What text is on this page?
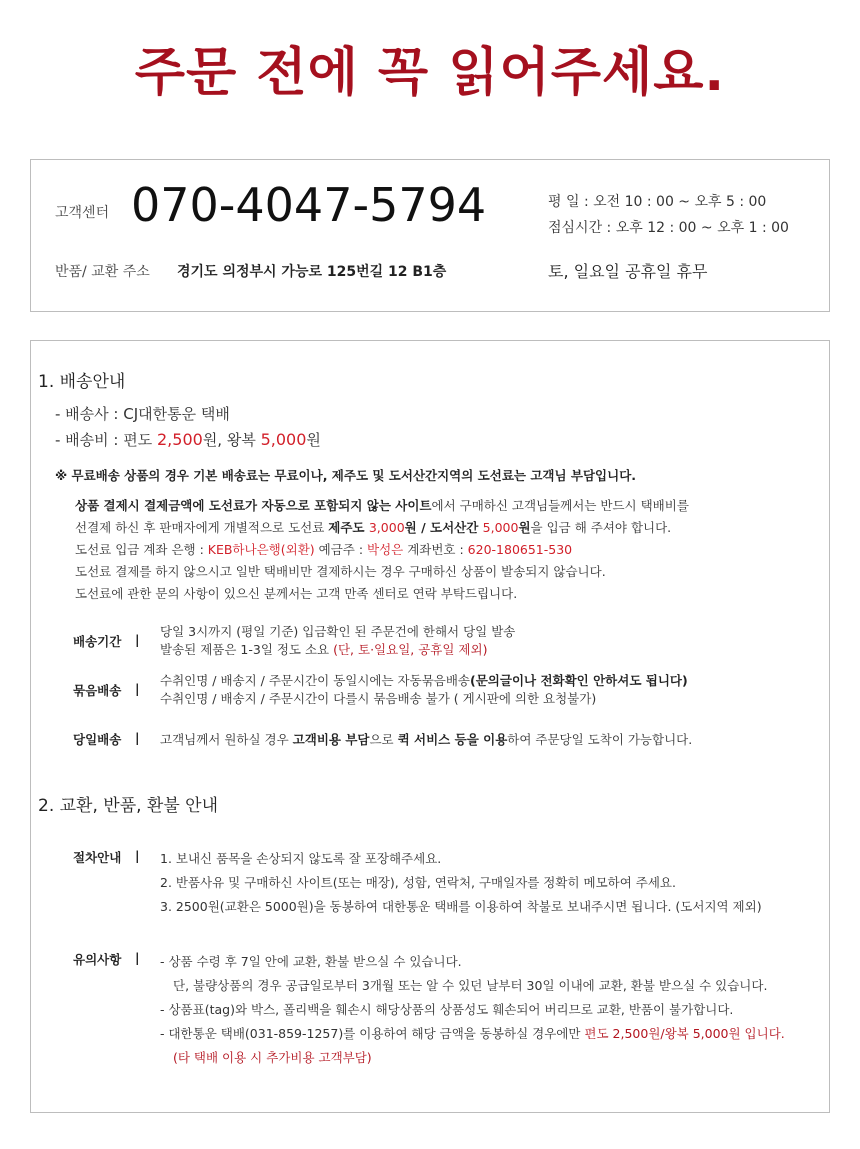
주문 전에 꼭 읽어주세요.
고객센터 070-4047-5794
반품/ 교환 주소 경기도 의정부시 가능로 125번길 12 B1층
평 일 : 오전 10 : 00 ~ 오후 5 : 00
점심시간 : 오후 12 : 00 ~ 오후 1 : 00
토, 일요일 공휴일 휴무
1. 배송안내
- 배송사 : CJ대한통운 택배
- 배송비 : 편도 2,500원, 왕복 5,000원
※ 무료배송 상품의 경우 기본 배송료는 무료이나, 제주도 및 도서산간지역의 도선료는 고객님 부담입니다.
상품 결제시 결제금액에 도선료가 자동으로 포함되지 않는 사이트에서 구매하신 고객님들께서는 반드시 택배비를
선결제 하신 후 판매자에게 개별적으로 도선료 제주도 3,000원 / 도서산간 5,000원을 입금 해 주셔야 합니다.
도선료 입금 계좌 은행 : KEB하나은행(외환) 예금주 : 박성은 계좌번호 : 620-180651-530
도선료 결제를 하지 않으시고 일반 택배비만 결제하시는 경우 구매하신 상품이 발송되지 않습니다.
도선료에 관한 문의 사항이 있으신 분께서는 고객 만족 센터로 연락 부탁드립니다.
배송기간 |
당일 3시까지 (평일 기준) 입금확인 된 주문건에 한해서 당일 발송
발송된 제품은 1-3일 정도 소요 (단, 토·일요일, 공휴일 제외)
묶음배송 |
수취인명 / 배송지 / 주문시간이 동일시에는 자동묶음배송(문의글이나 전화확인 안하셔도 됩니다)
수취인명 / 배송지 / 주문시간이 다를시 묶음배송 불가 ( 게시판에 의한 요청불가)
당일배송 | 고객님께서 원하실 경우 고객비용 부담으로 퀵 서비스 등을 이용하여 주문당일 도착이 가능합니다.
2. 교환, 반품, 환불 안내
절차안내 | 1. 보내신 품목을 손상되지 않도록 잘 포장해주세요.
2. 반품사유 및 구매하신 사이트(또는 매장), 성함, 연락처, 구매일자를 정확히 메모하여 주세요.
3. 2500원(교환은 5000원)을 동봉하여 대한통운 택배를 이용하여 착불로 보내주시면 됩니다. (도서지역 제외)
유의사항 | - 상품 수령 후 7일 안에 교환, 환불 받으실 수 있습니다.
단, 불량상품의 경우 공급일로부터 3개월 또는 알 수 있던 날부터 30일 이내에 교환, 환불 받으실 수 있습니다.
- 상품표(tag)와 박스, 폴리백을 훼손시 해당상품의 상품성도 훼손되어 버리므로 교환, 반품이 불가합니다.
- 대한통운 택배(031-859-1257)를 이용하여 해당 금액을 동봉하실 경우에만 편도 2,500원/왕복 5,000원 입니다.
(타 택배 이용 시 추가비용 고객부담)
